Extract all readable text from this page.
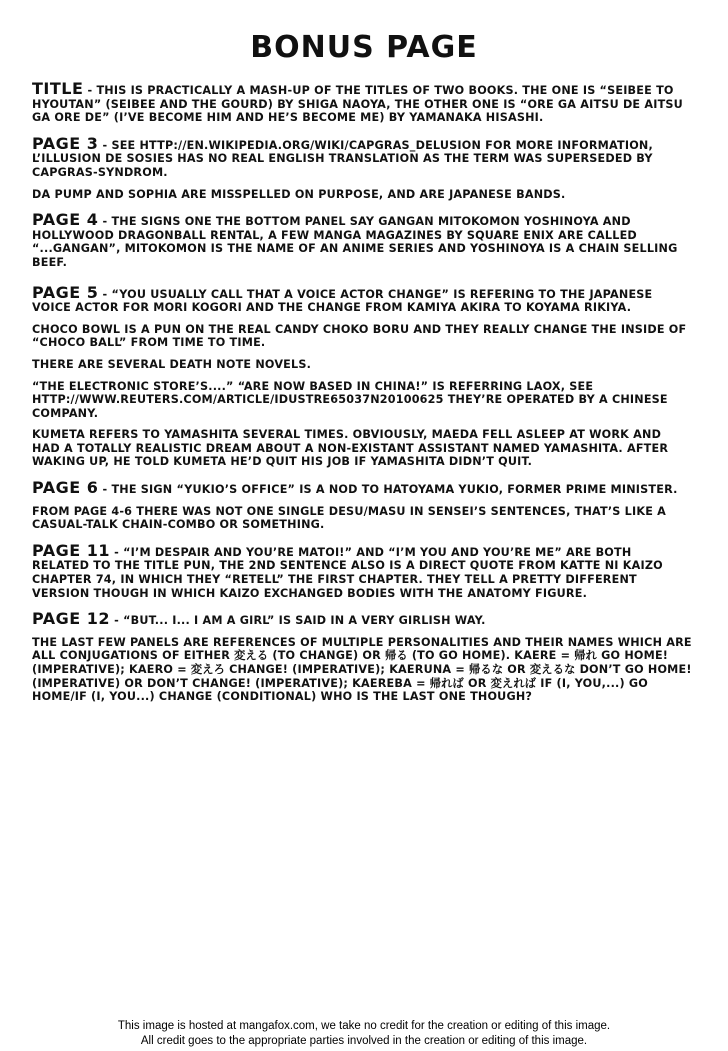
BONUS PAGE

TITLE - THIS IS PRACTICALLY A MASH-UP OF THE TITLES OF TWO BOOKS. THE ONE IS “SEIBEE TO HYOUTAN” (SEIBEE AND THE GOURD) BY SHIGA NAOYA, THE OTHER ONE IS “ORE GA AITSU DE AITSU GA ORE DE” (I’VE BECOME HIM AND HE’S BECOME ME) BY YAMANAKA HISASHI.

PAGE 3 - SEE HTTP://EN.WIKIPEDIA.ORG/WIKI/CAPGRAS_DELUSION FOR MORE INFORMATION, L’ILLUSION DE SOSIES HAS NO REAL ENGLISH TRANSLATION AS THE TERM WAS SUPERSEDED BY CAPGRAS-SYNDROM.

DA PUMP AND SOPHIA ARE MISSPELLED ON PURPOSE, AND ARE JAPANESE BANDS.

PAGE 4 - THE SIGNS ONE THE BOTTOM PANEL SAY GANGAN MITOKOMON YOSHINOYA AND HOLLYWOOD DRAGONBALL RENTAL, A FEW MANGA MAGAZINES BY SQUARE ENIX ARE CALLED “...GANGAN”, MITOKOMON IS THE NAME OF AN ANIME SERIES AND YOSHINOYA IS A CHAIN SELLING BEEF.

PAGE 5 - “YOU USUALLY CALL THAT A VOICE ACTOR CHANGE” IS REFERING TO THE JAPANESE VOICE ACTOR FOR MORI KOGORI AND THE CHANGE FROM KAMIYA AKIRA TO KOYAMA RIKIYA.

CHOCO BOWL IS A PUN ON THE REAL CANDY CHOKO BORU AND THEY REALLY CHANGE THE INSIDE OF “CHOCO BALL” FROM TIME TO TIME.

THERE ARE SEVERAL DEATH NOTE NOVELS.

“THE ELECTRONIC STORE’S....” “ARE NOW BASED IN CHINA!” IS REFERRING LAOX, SEE HTTP://WWW.REUTERS.COM/ARTICLE/IDUSTRE65037N20100625 THEY’RE OPERATED BY A CHINESE COMPANY.

KUMETA REFERS TO YAMASHITA SEVERAL TIMES. OBVIOUSLY, MAEDA FELL ASLEEP AT WORK AND HAD A TOTALLY REALISTIC DREAM ABOUT A NON-EXISTANT ASSISTANT NAMED YAMASHITA. AFTER WAKING UP, HE TOLD KUMETA HE’D QUIT HIS JOB IF YAMASHITA DIDN’T QUIT.

PAGE 6 - THE SIGN “YUKIO’S OFFICE” IS A NOD TO HATOYAMA YUKIO, FORMER PRIME MINISTER.

FROM PAGE 4-6 THERE WAS NOT ONE SINGLE DESU/MASU IN SENSEI’S SENTENCES, THAT’S LIKE A CASUAL-TALK CHAIN-COMBO OR SOMETHING.

PAGE 11 - “I’M DESPAIR AND YOU’RE MATOI!” AND “I’M YOU AND YOU’RE ME” ARE BOTH RELATED TO THE TITLE PUN, THE 2ND SENTENCE ALSO IS A DIRECT QUOTE FROM KATTE NI KAIZO CHAPTER 74, IN WHICH THEY “RETELL” THE FIRST CHAPTER. THEY TELL A PRETTY DIFFERENT VERSION THOUGH IN WHICH KAIZO EXCHANGED BODIES WITH THE ANATOMY FIGURE.

PAGE 12 - “BUT... I... I AM A GIRL” IS SAID IN A VERY GIRLISH WAY.

THE LAST FEW PANELS ARE REFERENCES OF MULTIPLE PERSONALITIES AND THEIR NAMES WHICH ARE ALL CONJUGATIONS OF EITHER 変える (TO CHANGE) OR 帰る (TO GO HOME). KAERE = 帰れ GO HOME! (IMPERATIVE); KAERO = 変えろ CHANGE! (IMPERATIVE); KAERUNA = 帰るな OR 変えるな DON’T GO HOME! (IMPERATIVE) OR DON’T CHANGE! (IMPERATIVE); KAEREBA = 帰れば OR 変えれば IF (I, YOU,...) GO HOME/IF (I, YOU...) CHANGE (CONDITIONAL) WHO IS THE LAST ONE THOUGH?

This image is hosted at mangafox.com, we take no credit for the creation or editing of this image.
All credit goes to the appropriate parties involved in the creation or editing of this image.
